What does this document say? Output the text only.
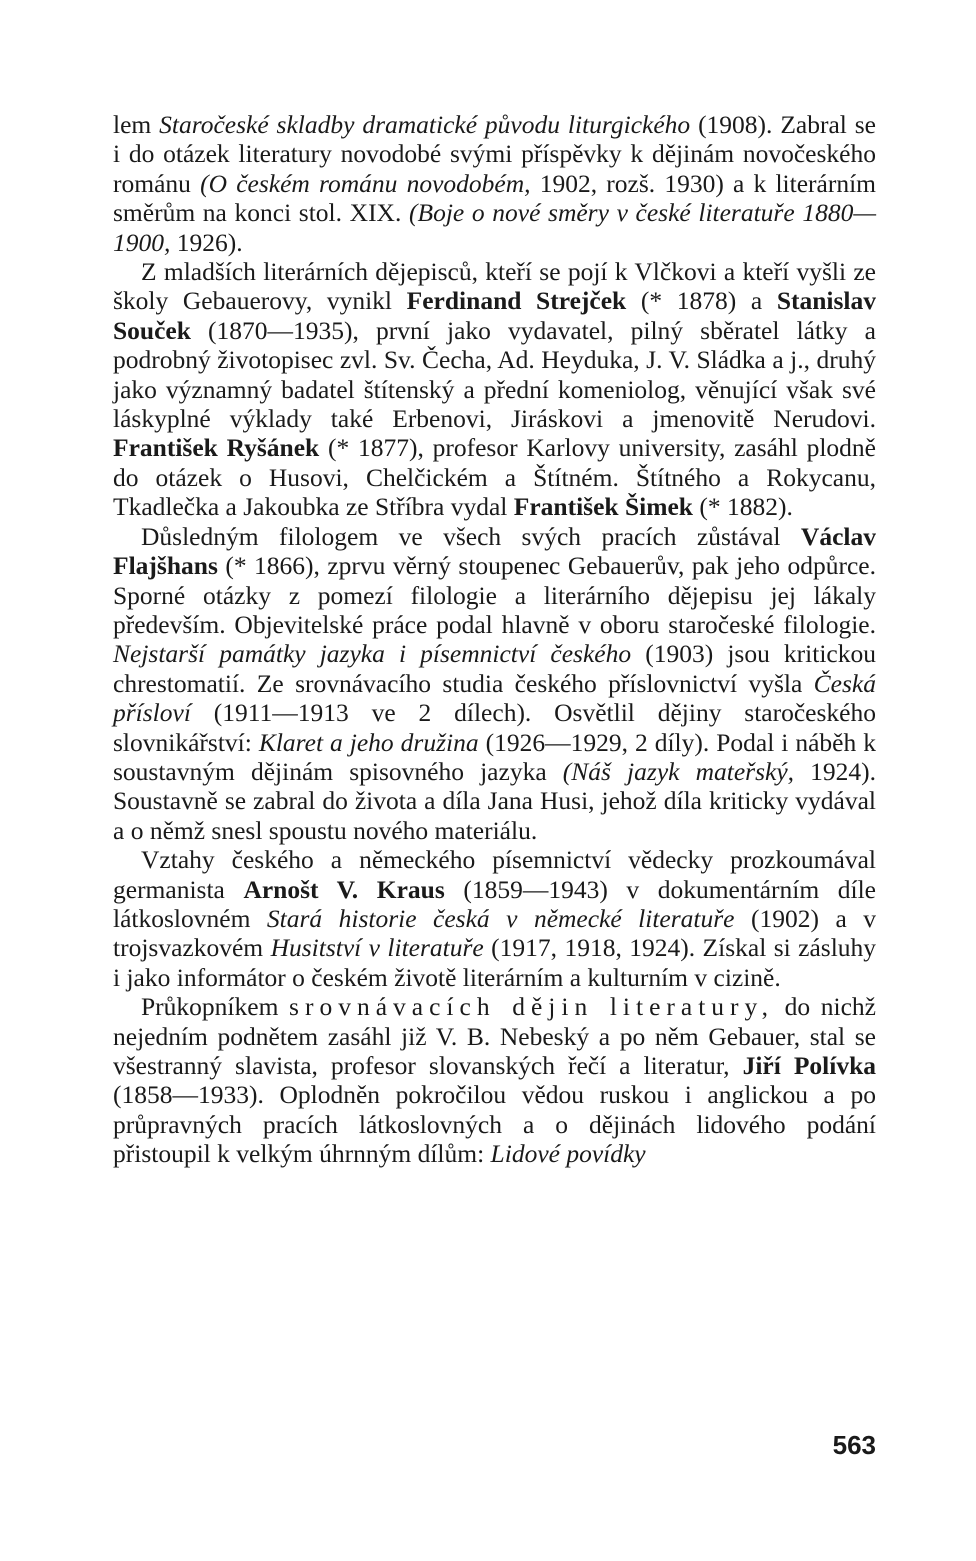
lem Staročeské skladby dramatické původu liturgického (1908). Zabral se i do otázek literatury novodobé svými příspěvky k dějinám novočeského románu (O českém románu novodobém, 1902, rozš. 1930) a k literárním směrům na konci stol. XIX. (Boje o nové směry v české literatuře 1880—1900, 1926).

Z mladších literárních dějepisců, kteří se pojí k Vlčkovi a kteří vyšli ze školy Gebauerovy, vynikl Ferdinand Strejček (* 1878) a Stanislav Souček (1870—1935), první jako vydavatel, pilný sběratel látky a podrobný životopisec zvl. Sv. Čecha, Ad. Heyduka, J. V. Sládka a j., druhý jako významný badatel štítenský a přední komeniolog, věnující však své láskyplné výklady také Erbenovi, Jiráskovi a jmenovitě Nerudovi. František Ryšánek (* 1877), profesor Karlovy university, zasáhl plodně do otázek o Husovi, Chelčickém a Štítném. Štítného a Rokycanu, Tkadlečka a Jakoubka ze Stříbra vydal František Šimek (* 1882).

Důsledným filologem ve všech svých pracích zůstával Václav Flajšhans (* 1866), zprvu věrný stoupenec Gebauerův, pak jeho odpůrce. Sporné otázky z pomezí filologie a literárního dějepisu jej lákaly především. Objevitelské práce podal hlavně v oboru staročeské filologie. Nejstarší památky jazyka i písemnictví českého (1903) jsou kritickou chrestomatií. Ze srovnávacího studia českého příslovnictví vyšla Česká přísloví (1911—1913 ve 2 dílech). Osvětlil dějiny staročeského slovnikářství: Klaret a jeho družina (1926—1929, 2 díly). Podal i náběh k soustavným dějinám spisovného jazyka (Náš jazyk mateřský, 1924). Soustavně se zabral do života a díla Jana Husi, jehož díla kriticky vydával a o němž snesl spoustu nového materiálu.

Vztahy českého a německého písemnictví vědecky prozkoumával germanista Arnošt V. Kraus (1859—1943) v dokumentárním díle látkoslovném Stará historie česká v německé literatuře (1902) a v trojsvazkovém Husitství v literatuře (1917, 1918, 1924). Získal si zásluhy i jako informátor o českém životě literárním a kulturním v cizině.

Průkopníkem srovnávacích dějin literatury, do nichž nejedním podnětem zasáhl již V. B. Nebeský a po něm Gebauer, stal se všestranný slavista, profesor slovanských řečí a literatur, Jiří Polívka (1858—1933). Oplodněn pokročilou vědou ruskou i anglickou a po průpravných pracích látkoslovných a o dějinách lidového podání přistoupil k velkým úhrnným dílům: Lidové povídky

563
